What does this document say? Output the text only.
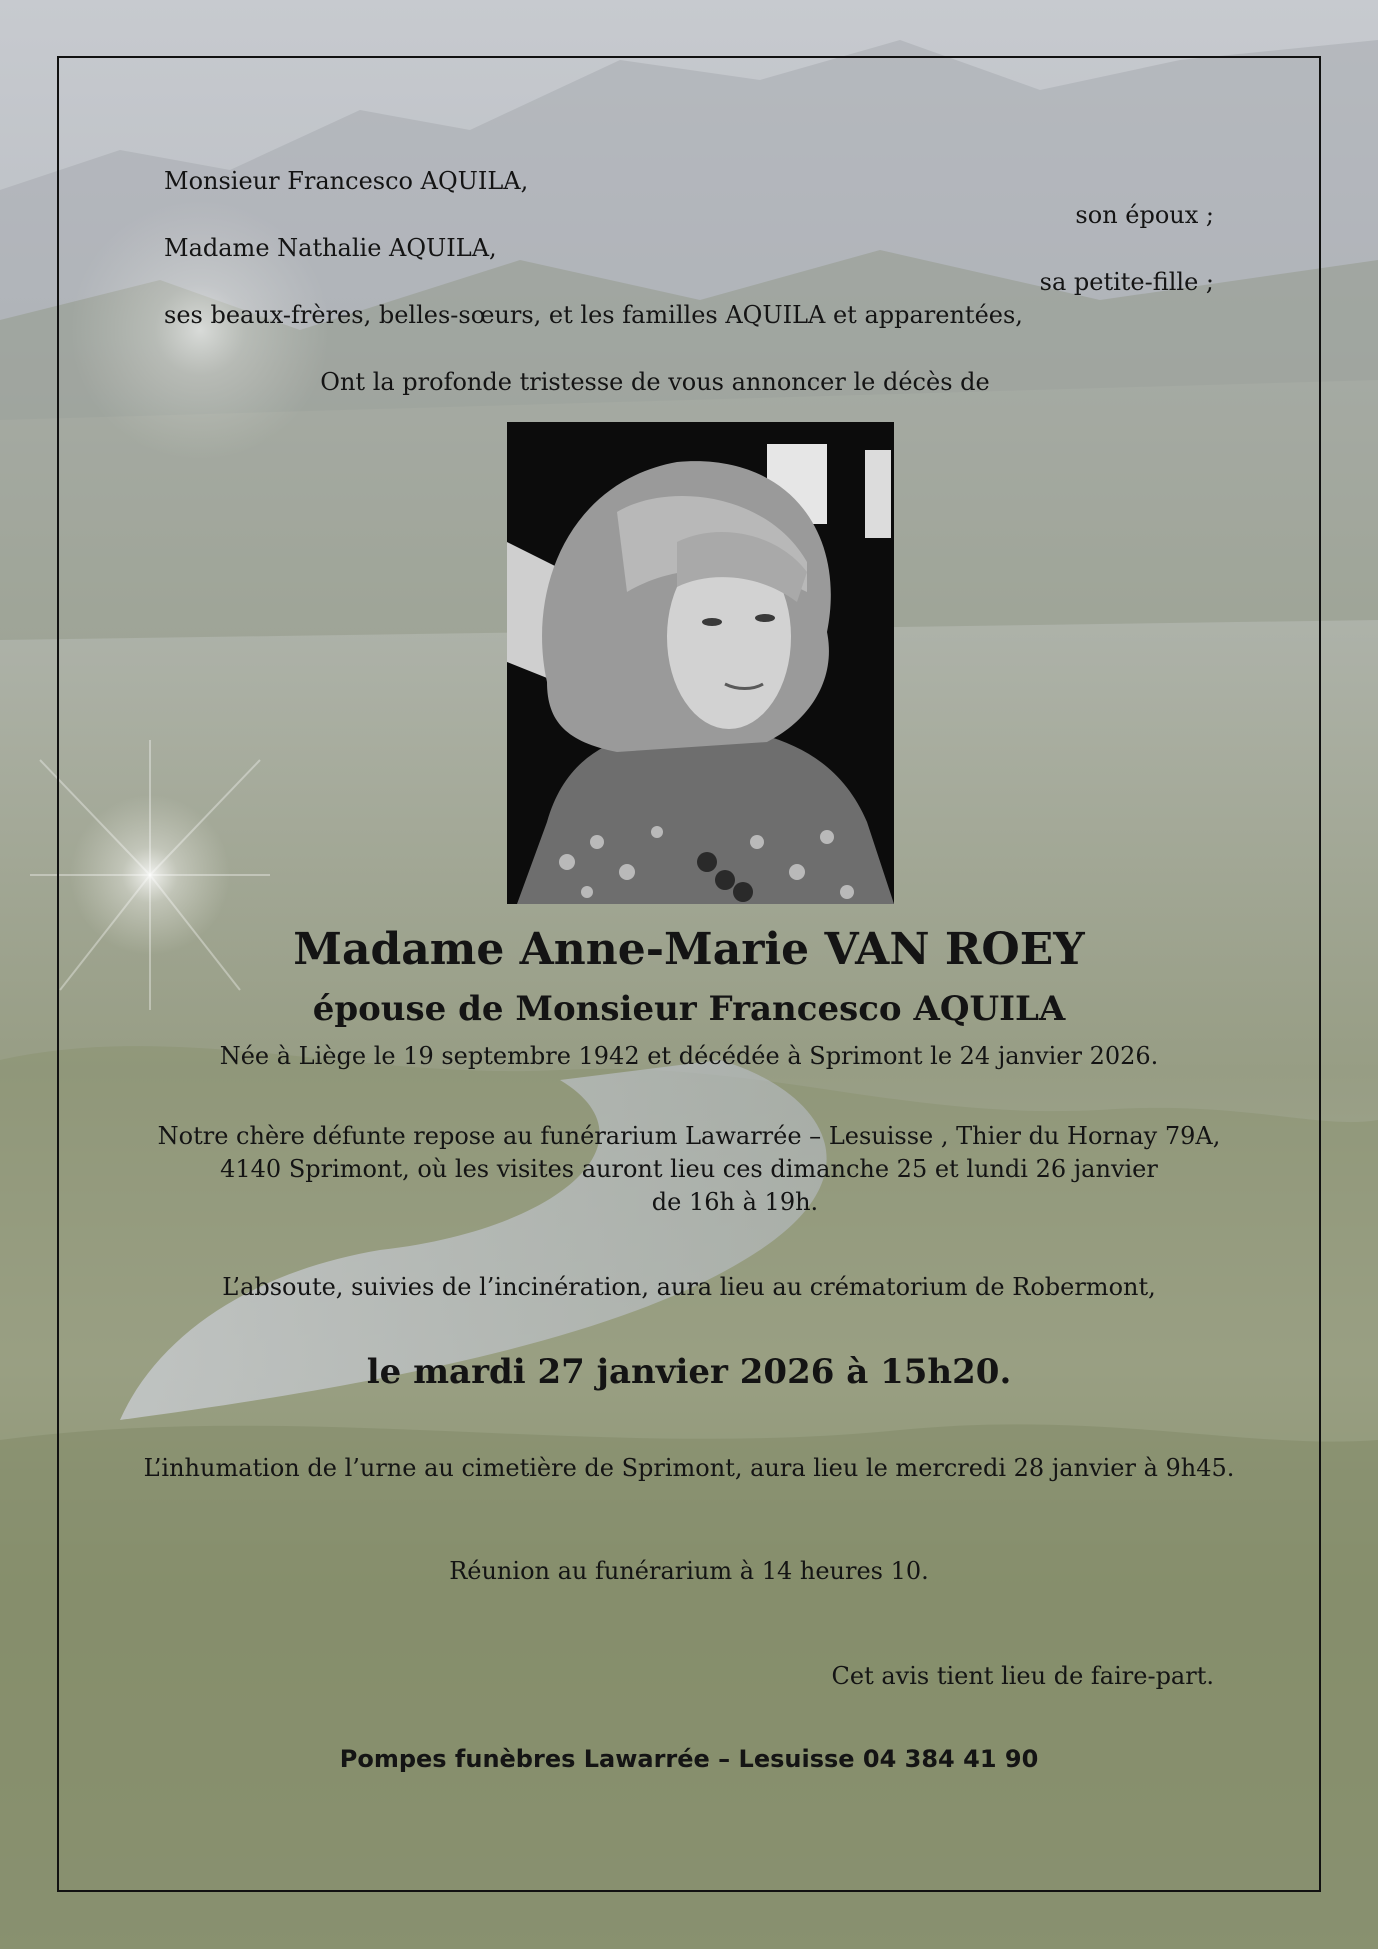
Monsieur Francesco AQUILA,
son époux ;
Madame Nathalie AQUILA,
sa petite-fille ;
ses beaux-frères, belles-sœurs, et les familles AQUILA et apparentées,
Ont la profonde tristesse de vous annoncer le décès de
Madame Anne-Marie VAN ROEY
épouse de Monsieur Francesco AQUILA
Née à Liège le 19 septembre 1942 et décédée à Sprimont le 24 janvier 2026.
Notre chère défunte repose au funérarium Lawarrée – Lesuisse , Thier du Hornay 79A,
4140 Sprimont, où les visites auront lieu ces dimanche 25 et lundi 26 janvier
de 16h à 19h.
L’absoute, suivies de l’incinération, aura lieu au crématorium de Robermont,
le mardi 27 janvier 2026 à 15h20.
L’inhumation de l’urne au cimetière de Sprimont, aura lieu le mercredi 28 janvier à 9h45.
Réunion au funérarium à 14 heures 10.
Cet avis tient lieu de faire-part.
Pompes funèbres Lawarrée – Lesuisse 04 384 41 90
